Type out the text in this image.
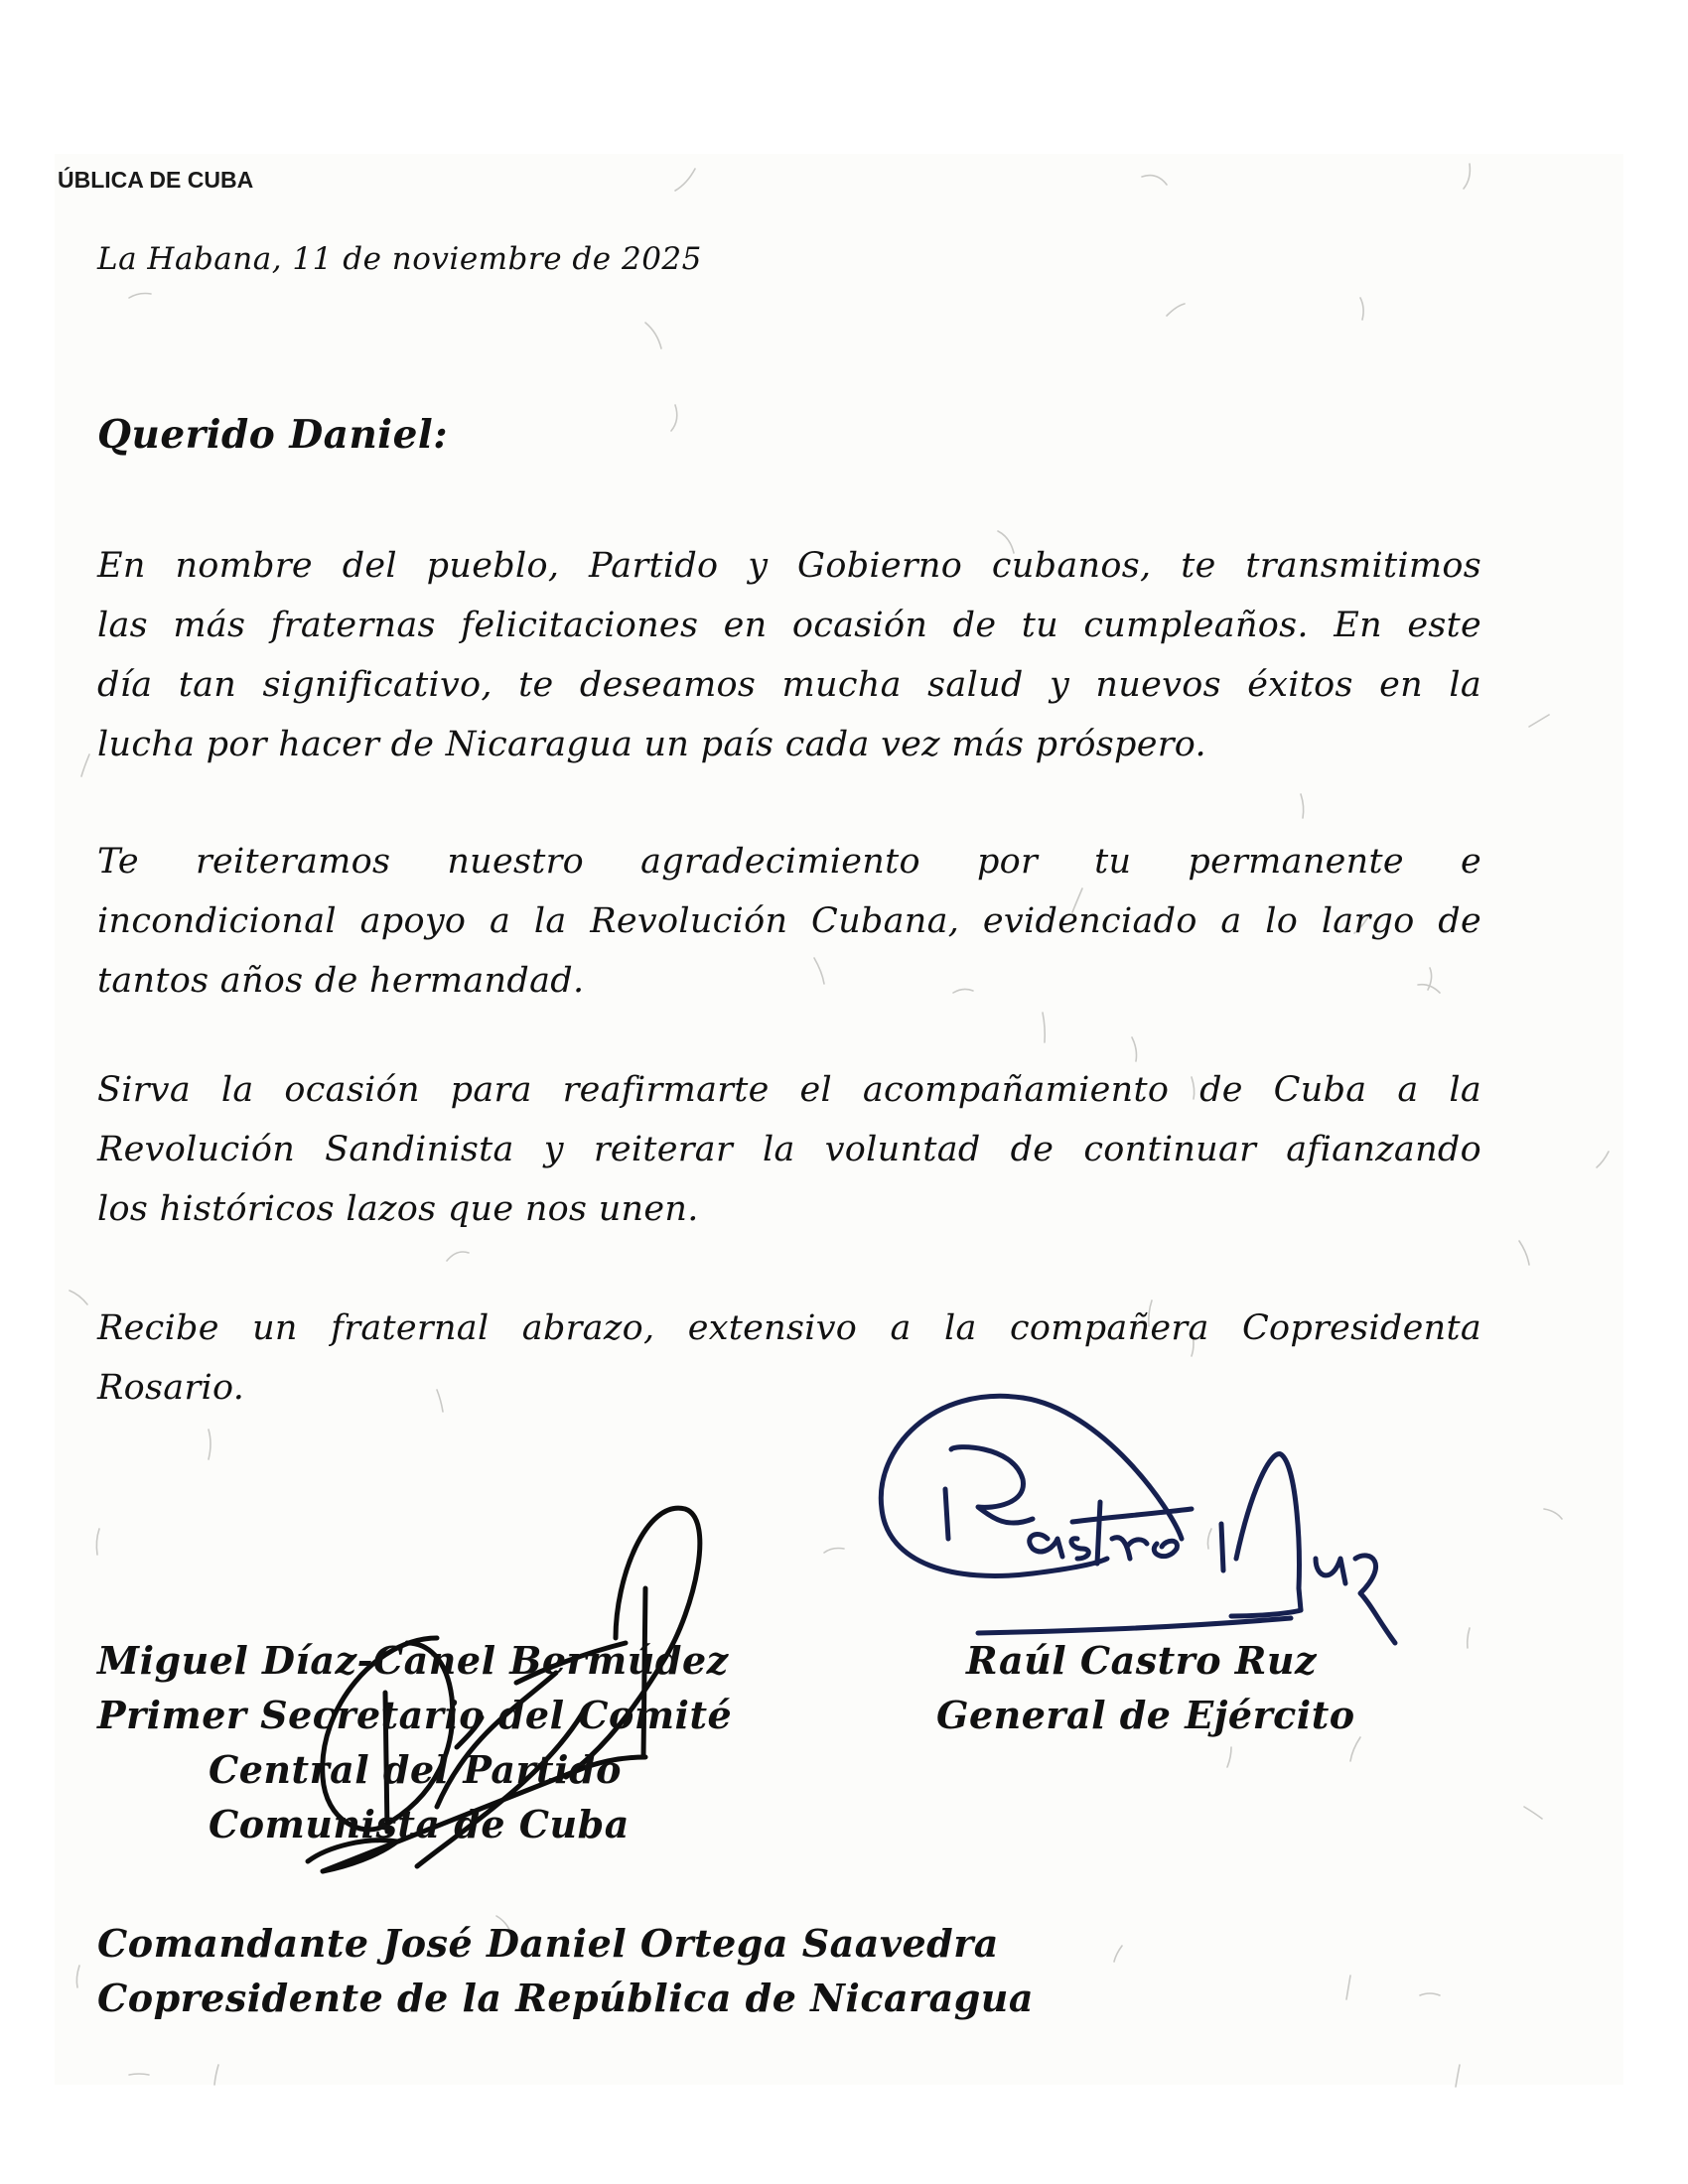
ÚBLICA DE CUBA
La Habana, 11 de noviembre de 2025
Querido Daniel:
En nombre del pueblo, Partido y Gobierno cubanos, te transmitimos
las más fraternas felicitaciones en ocasión de tu cumpleaños. En este
día tan significativo, te deseamos mucha salud y nuevos éxitos en la
lucha por hacer de Nicaragua un país cada vez más próspero.
Te reiteramos nuestro agradecimiento por tu permanente e
incondicional apoyo a la Revolución Cubana, evidenciado a lo largo de
tantos años de hermandad.
Sirva la ocasión para reafirmarte el acompañamiento de Cuba a la
Revolución Sandinista y reiterar la voluntad de continuar afianzando
los históricos lazos que nos unen.
Recibe un fraternal abrazo, extensivo a la compañera Copresidenta
Rosario.
Miguel Díaz-Canel Bermúdez
Primer Secretario del Comité
Central del Partido
Comunista de Cuba
Raúl Castro Ruz
General de Ejército
Comandante José Daniel Ortega Saavedra
Copresidente de la República de Nicaragua
